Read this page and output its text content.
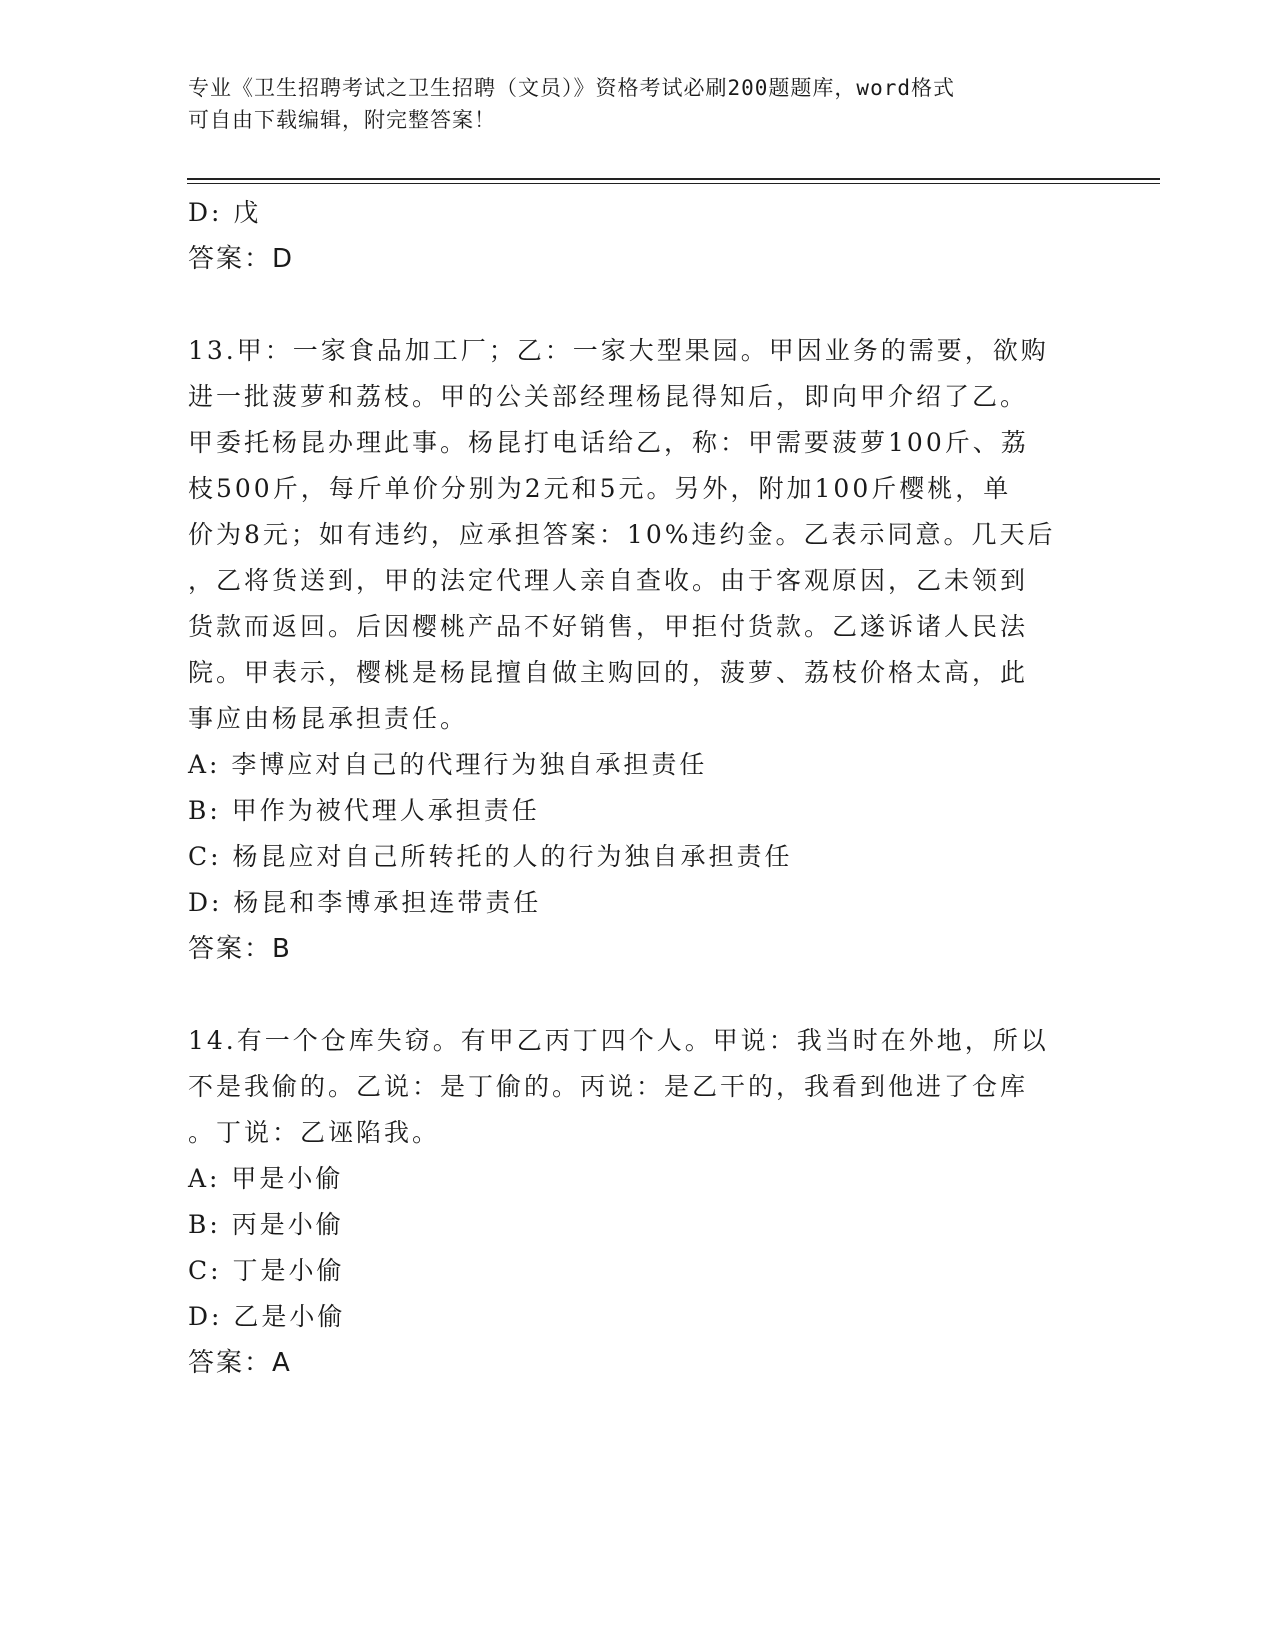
专业《卫生招聘考试之卫生招聘（文员）》资格考试必刷200题题库，word格式
可自由下载编辑，附完整答案！
D: 戊
答案：D
13.甲：一家食品加工厂；乙：一家大型果园。甲因业务的需要，欲购
进一批菠萝和荔枝。甲的公关部经理杨昆得知后，即向甲介绍了乙。
甲委托杨昆办理此事。杨昆打电话给乙，称：甲需要菠萝100斤、荔
枝500斤，每斤单价分别为2元和5元。另外，附加100斤樱桃，单
价为8元；如有违约，应承担答案：10%违约金。乙表示同意。几天后
，乙将货送到，甲的法定代理人亲自查收。由于客观原因，乙未领到
货款而返回。后因樱桃产品不好销售，甲拒付货款。乙遂诉诸人民法
院。甲表示，樱桃是杨昆擅自做主购回的，菠萝、荔枝价格太高，此
事应由杨昆承担责任。
A: 李博应对自己的代理行为独自承担责任
B: 甲作为被代理人承担责任
C: 杨昆应对自己所转托的人的行为独自承担责任
D: 杨昆和李博承担连带责任
答案：B
14.有一个仓库失窃。有甲乙丙丁四个人。甲说：我当时在外地，所以
不是我偷的。乙说：是丁偷的。丙说：是乙干的，我看到他进了仓库
。丁说：乙诬陷我。
A: 甲是小偷
B: 丙是小偷
C: 丁是小偷
D: 乙是小偷
答案：A
